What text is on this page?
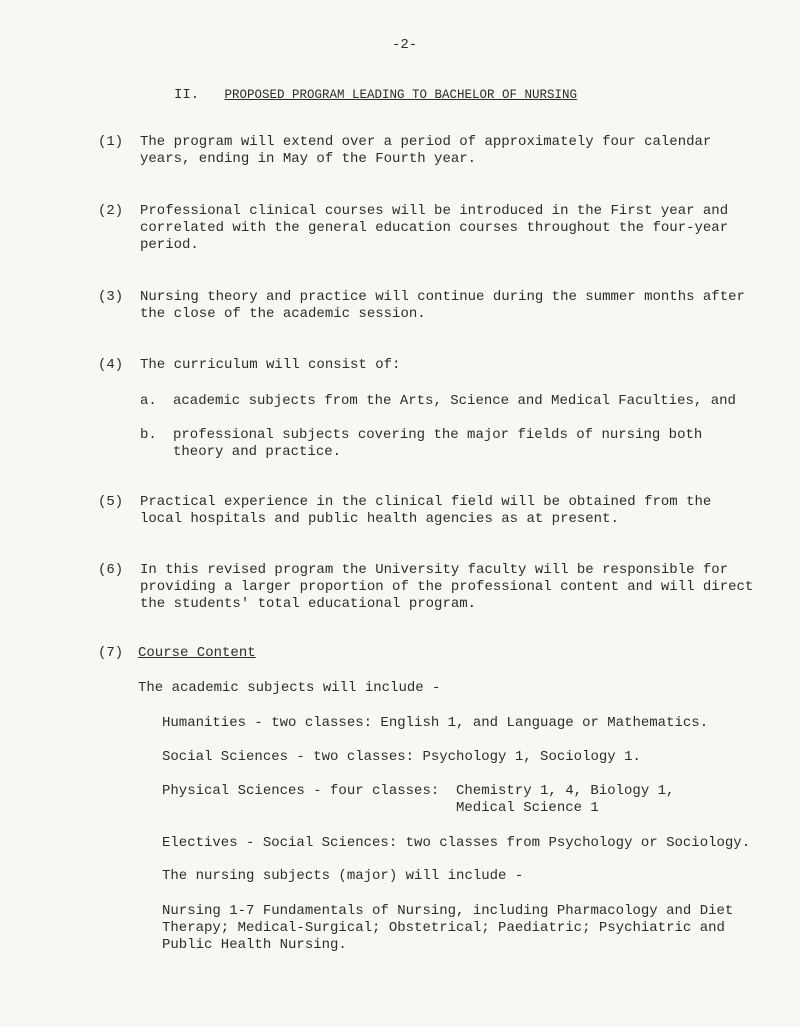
-2-
II. PROPOSED PROGRAM LEADING TO BACHELOR OF NURSING
(1) The program will extend over a period of approximately four calendar
years, ending in May of the Fourth year.
(2) Professional clinical courses will be introduced in the First year and
correlated with the general education courses throughout the four-year
period.
(3) Nursing theory and practice will continue during the summer months after
the close of the academic session.
(4) The curriculum will consist of:
a. academic subjects from the Arts, Science and Medical Faculties, and
b. professional subjects covering the major fields of nursing both
theory and practice.
(5) Practical experience in the clinical field will be obtained from the
local hospitals and public health agencies as at present.
(6) In this revised program the University faculty will be responsible for
providing a larger proportion of the professional content and will direct
the students' total educational program.
(7) Course Content
The academic subjects will include -
Humanities - two classes: English 1, and Language or Mathematics.
Social Sciences - two classes: Psychology 1, Sociology 1.
Physical Sciences - four classes: Chemistry 1, 4, Biology 1,
Medical Science 1
Electives - Social Sciences: two classes from Psychology or Sociology.
The nursing subjects (major) will include -
Nursing 1-7 Fundamentals of Nursing, including Pharmacology and Diet
Therapy; Medical-Surgical; Obstetrical; Paediatric; Psychiatric and
Public Health Nursing.
